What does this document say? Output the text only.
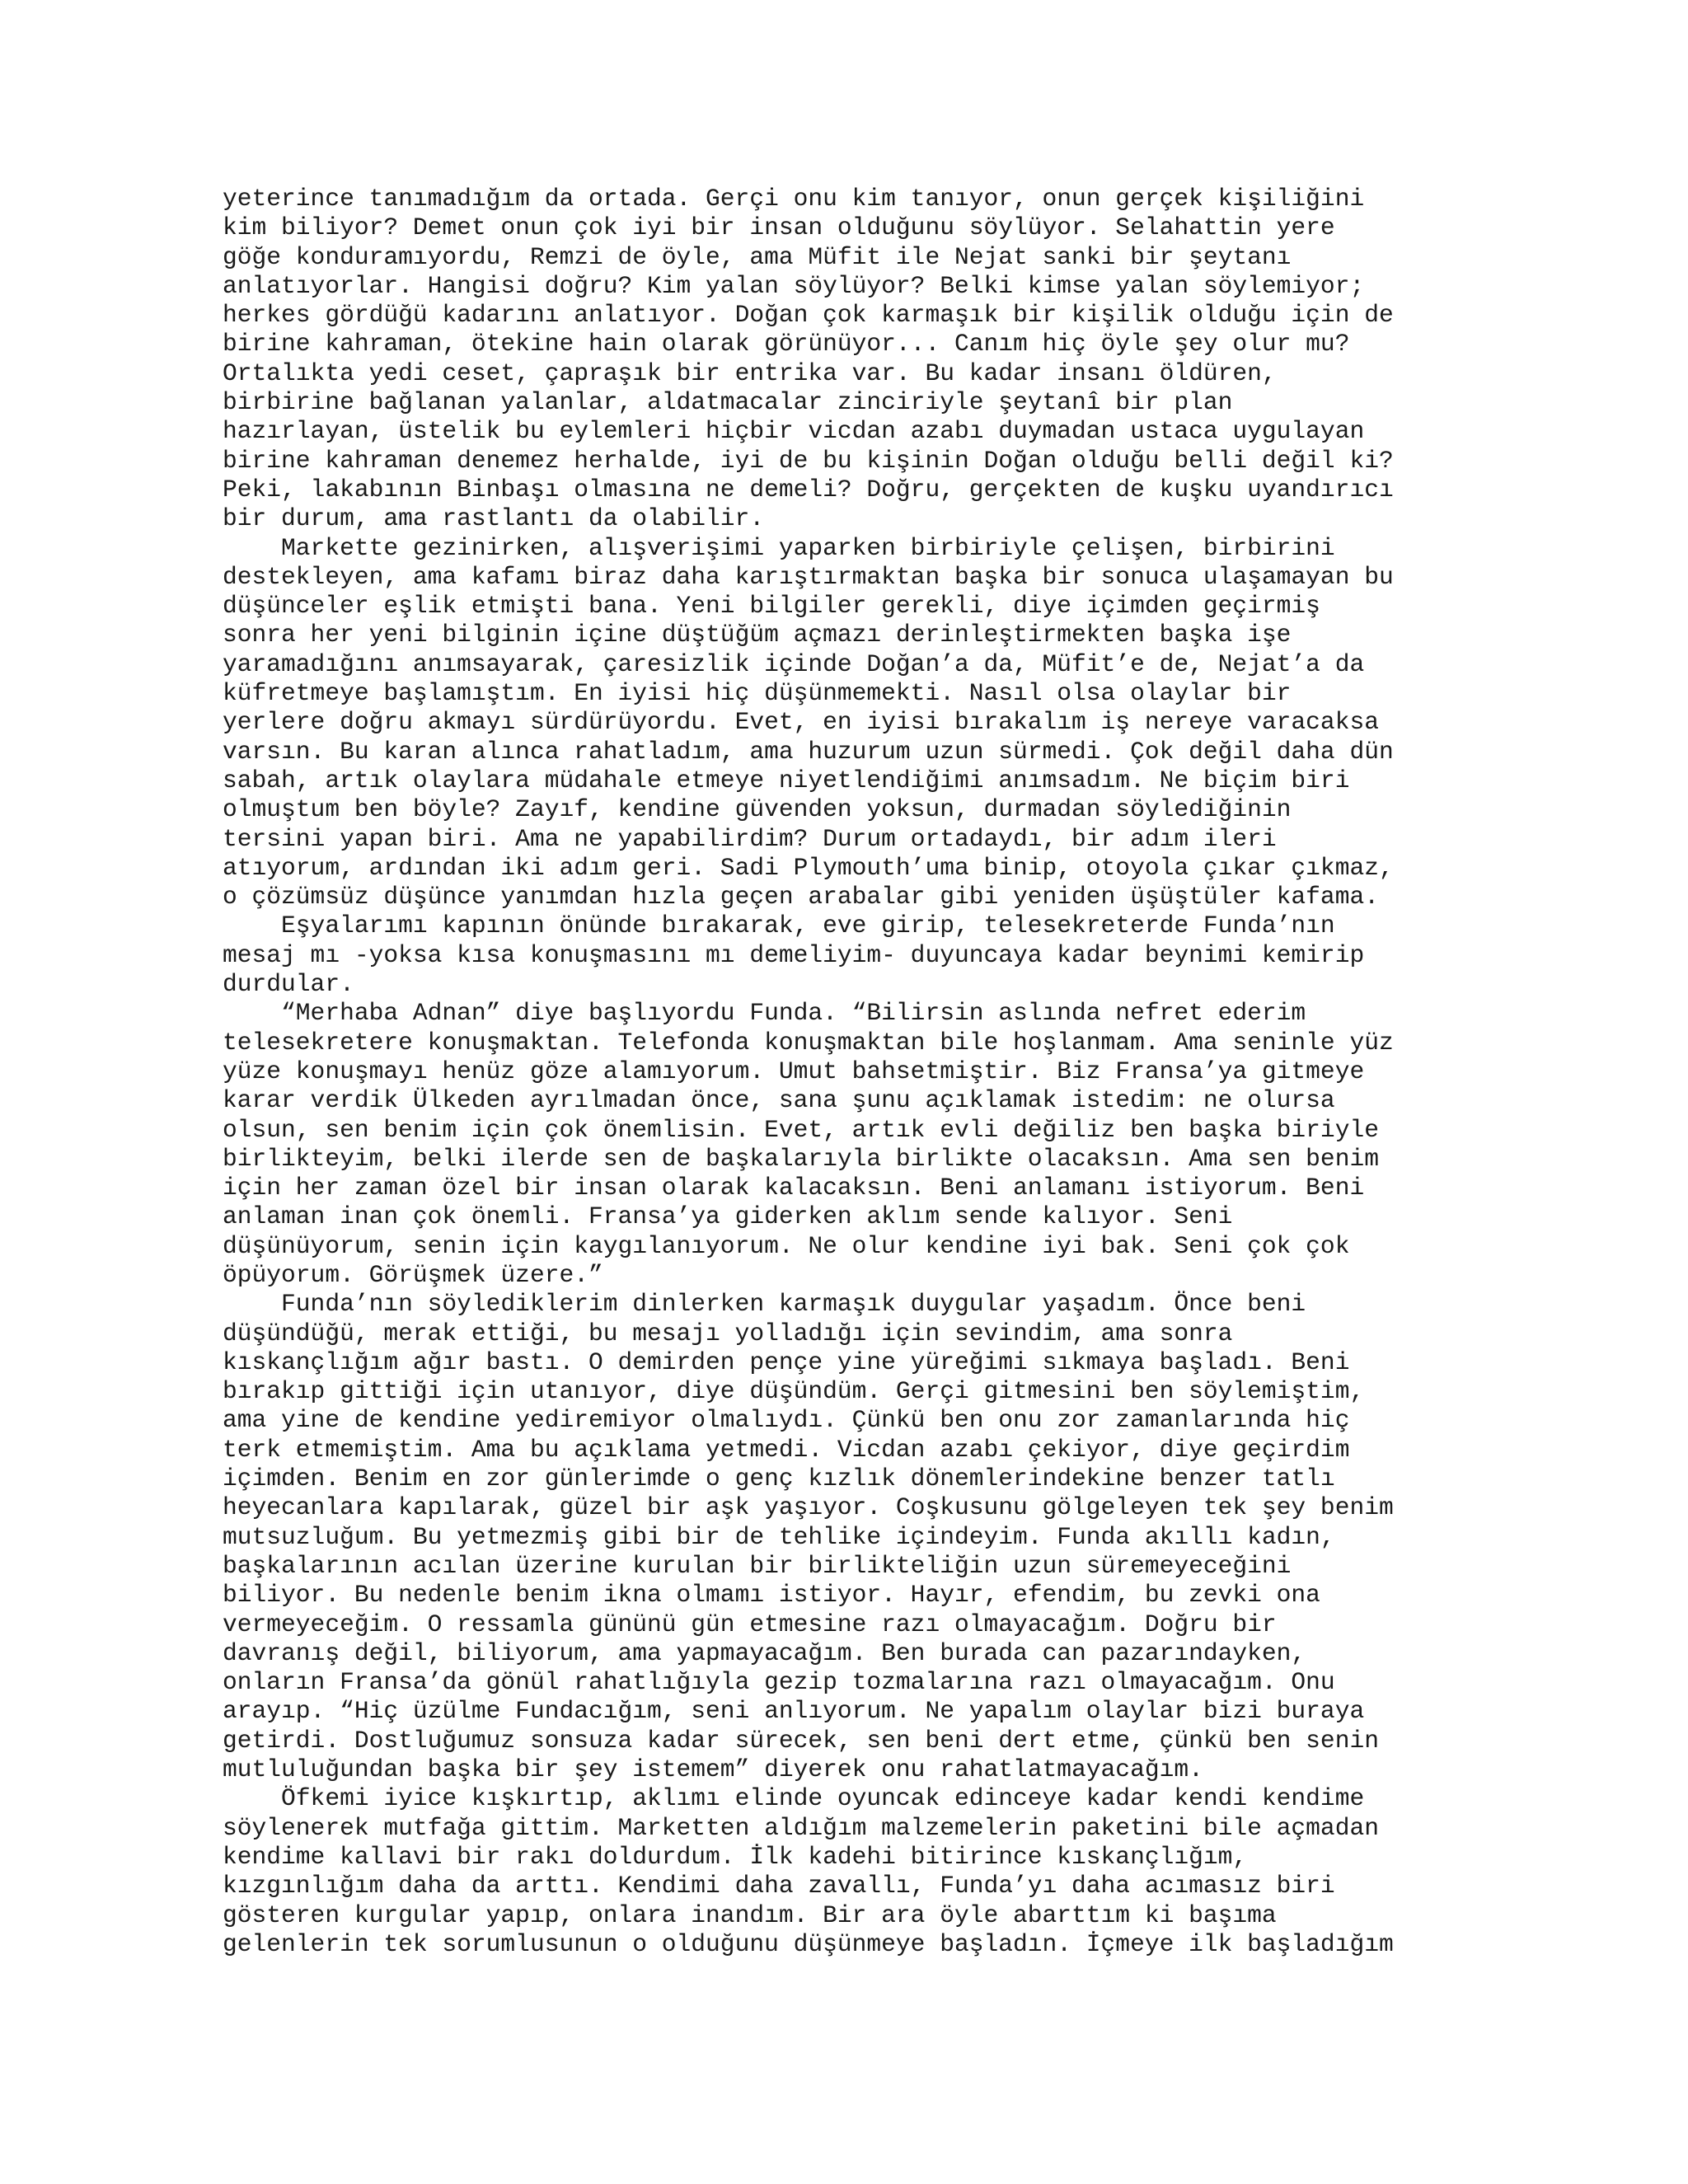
yeterince tanımadığım da ortada. Gerçi onu kim tanıyor, onun gerçek kişiliğini
kim biliyor? Demet onun çok iyi bir insan olduğunu söylüyor. Selahattin yere
göğe konduramıyordu, Remzi de öyle, ama Müfit ile Nejat sanki bir şeytanı
anlatıyorlar. Hangisi doğru? Kim yalan söylüyor? Belki kimse yalan söylemiyor;
herkes gördüğü kadarını anlatıyor. Doğan çok karmaşık bir kişilik olduğu için de
birine kahraman, ötekine hain olarak görünüyor... Canım hiç öyle şey olur mu?
Ortalıkta yedi ceset, çapraşık bir entrika var. Bu kadar insanı öldüren,
birbirine bağlanan yalanlar, aldatmacalar zinciriyle şeytanî bir plan
hazırlayan, üstelik bu eylemleri hiçbir vicdan azabı duymadan ustaca uygulayan
birine kahraman denemez herhalde, iyi de bu kişinin Doğan olduğu belli değil ki?
Peki, lakabının Binbaşı olmasına ne demeli? Doğru, gerçekten de kuşku uyandırıcı
bir durum, ama rastlantı da olabilir.
Markette gezinirken, alışverişimi yaparken birbiriyle çelişen, birbirini
destekleyen, ama kafamı biraz daha karıştırmaktan başka bir sonuca ulaşamayan bu
düşünceler eşlik etmişti bana. Yeni bilgiler gerekli, diye içimden geçirmiş
sonra her yeni bilginin içine düştüğüm açmazı derinleştirmekten başka işe
yaramadığını anımsayarak, çaresizlik içinde Doğan’a da, Müfit’e de, Nejat’a da
küfretmeye başlamıştım. En iyisi hiç düşünmemekti. Nasıl olsa olaylar bir
yerlere doğru akmayı sürdürüyordu. Evet, en iyisi bırakalım iş nereye varacaksa
varsın. Bu karan alınca rahatladım, ama huzurum uzun sürmedi. Çok değil daha dün
sabah, artık olaylara müdahale etmeye niyetlendiğimi anımsadım. Ne biçim biri
olmuştum ben böyle? Zayıf, kendine güvenden yoksun, durmadan söylediğinin
tersini yapan biri. Ama ne yapabilirdim? Durum ortadaydı, bir adım ileri
atıyorum, ardından iki adım geri. Sadi Plymouth’uma binip, otoyola çıkar çıkmaz,
o çözümsüz düşünce yanımdan hızla geçen arabalar gibi yeniden üşüştüler kafama.
Eşyalarımı kapının önünde bırakarak, eve girip, telesekreterde Funda’nın
mesaj mı -yoksa kısa konuşmasını mı demeliyim- duyuncaya kadar beynimi kemirip
durdular.
“Merhaba Adnan” diye başlıyordu Funda. “Bilirsin aslında nefret ederim
telesekretere konuşmaktan. Telefonda konuşmaktan bile hoşlanmam. Ama seninle yüz
yüze konuşmayı henüz göze alamıyorum. Umut bahsetmiştir. Biz Fransa’ya gitmeye
karar verdik Ülkeden ayrılmadan önce, sana şunu açıklamak istedim: ne olursa
olsun, sen benim için çok önemlisin. Evet, artık evli değiliz ben başka biriyle
birlikteyim, belki ilerde sen de başkalarıyla birlikte olacaksın. Ama sen benim
için her zaman özel bir insan olarak kalacaksın. Beni anlamanı istiyorum. Beni
anlaman inan çok önemli. Fransa’ya giderken aklım sende kalıyor. Seni
düşünüyorum, senin için kaygılanıyorum. Ne olur kendine iyi bak. Seni çok çok
öpüyorum. Görüşmek üzere.”
Funda’nın söylediklerim dinlerken karmaşık duygular yaşadım. Önce beni
düşündüğü, merak ettiği, bu mesajı yolladığı için sevindim, ama sonra
kıskançlığım ağır bastı. O demirden pençe yine yüreğimi sıkmaya başladı. Beni
bırakıp gittiği için utanıyor, diye düşündüm. Gerçi gitmesini ben söylemiştim,
ama yine de kendine yediremiyor olmalıydı. Çünkü ben onu zor zamanlarında hiç
terk etmemiştim. Ama bu açıklama yetmedi. Vicdan azabı çekiyor, diye geçirdim
içimden. Benim en zor günlerimde o genç kızlık dönemlerindekine benzer tatlı
heyecanlara kapılarak, güzel bir aşk yaşıyor. Coşkusunu gölgeleyen tek şey benim
mutsuzluğum. Bu yetmezmiş gibi bir de tehlike içindeyim. Funda akıllı kadın,
başkalarının acılan üzerine kurulan bir birlikteliğin uzun süremeyeceğini
biliyor. Bu nedenle benim ikna olmamı istiyor. Hayır, efendim, bu zevki ona
vermeyeceğim. O ressamla gününü gün etmesine razı olmayacağım. Doğru bir
davranış değil, biliyorum, ama yapmayacağım. Ben burada can pazarındayken,
onların Fransa’da gönül rahatlığıyla gezip tozmalarına razı olmayacağım. Onu
arayıp. “Hiç üzülme Fundacığım, seni anlıyorum. Ne yapalım olaylar bizi buraya
getirdi. Dostluğumuz sonsuza kadar sürecek, sen beni dert etme, çünkü ben senin
mutluluğundan başka bir şey istemem” diyerek onu rahatlatmayacağım.
Öfkemi iyice kışkırtıp, aklımı elinde oyuncak edinceye kadar kendi kendime
söylenerek mutfağa gittim. Marketten aldığım malzemelerin paketini bile açmadan
kendime kallavi bir rakı doldurdum. İlk kadehi bitirince kıskançlığım,
kızgınlığım daha da arttı. Kendimi daha zavallı, Funda’yı daha acımasız biri
gösteren kurgular yapıp, onlara inandım. Bir ara öyle abarttım ki başıma
gelenlerin tek sorumlusunun o olduğunu düşünmeye başladın. İçmeye ilk başladığım
